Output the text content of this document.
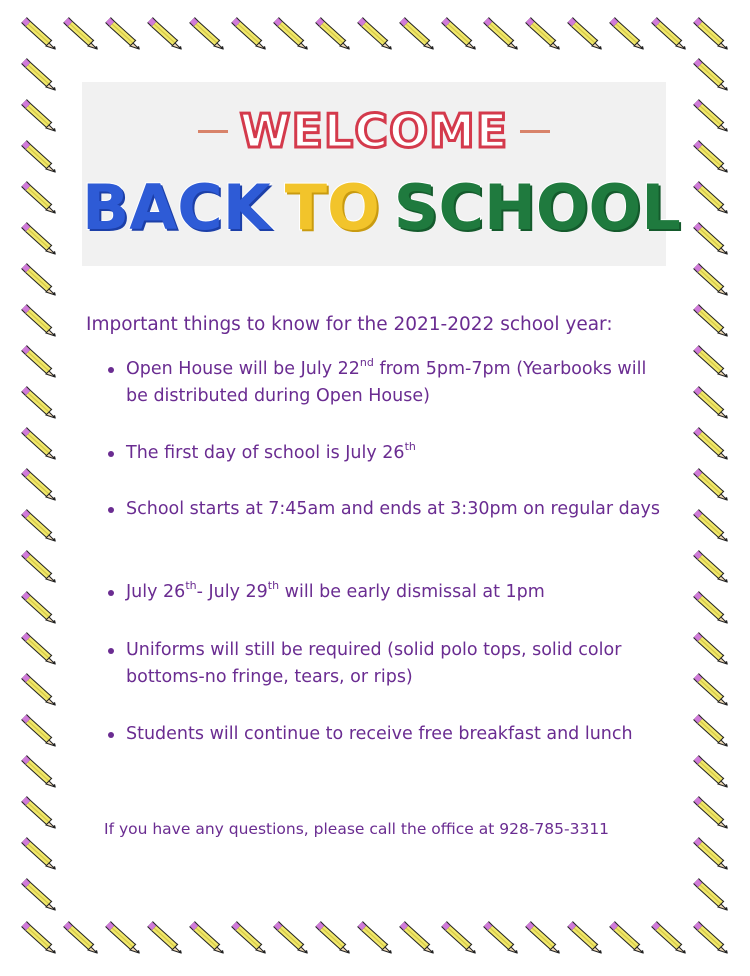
WELCOME
BACK TO SCHOOL
Important things to know for the 2021-2022 school year:
Open House will be July 22nd from 5pm-7pm (Yearbooks will be distributed during Open House)
The first day of school is July 26th
School starts at 7:45am and ends at 3:30pm on regular days
July 26th- July 29th will be early dismissal at 1pm
Uniforms will still be required (solid polo tops, solid color bottoms-no fringe, tears, or rips)
Students will continue to receive free breakfast and lunch
If you have any questions, please call the office at 928-785-3311
